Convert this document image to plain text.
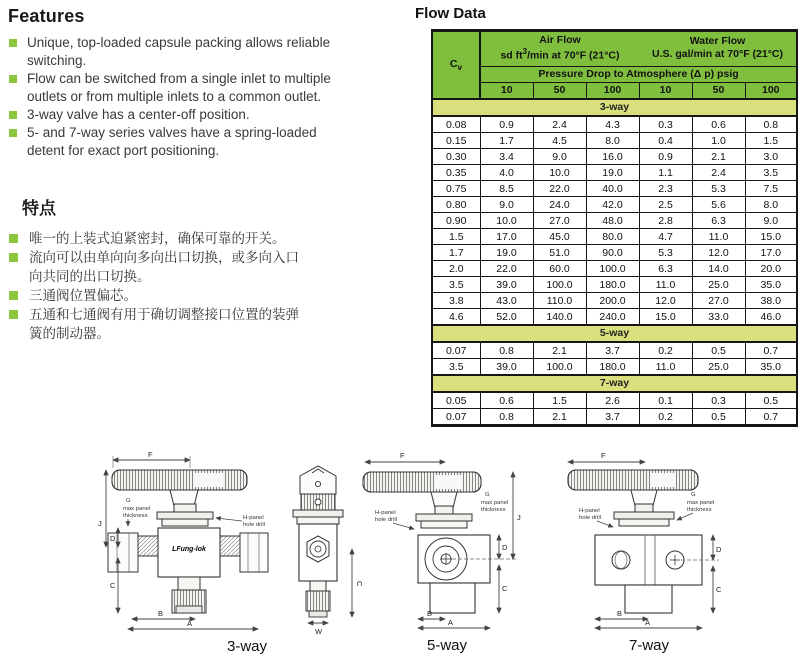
Features
Unique, top-loaded capsule packing allows reliable switching.
Flow can be switched from a single inlet to multiple outlets or from multiple inlets to a common outlet.
3-way valve has a center-off position.
5- and 7-way series valves have a spring-loaded detent for exact port positioning.
特点
唯一的上装式迫紧密封，确保可靠的开关。
流向可以由单向向多向出口切换，或多向入口向共同的出口切换。
三通阀位置偏芯。
五通和七通阀有用于确切调整接口位置的装弹簧的制动器。
Flow Data
$C_v$	
Air Flow
sd $ft^3/\min$ at 70°F (21°C)

Water Flow
U.S. gal/min at 70°F (21°C)

	Pressure Drop to Atmosphere (Δ p) psig					
	10	50	100	10	50	100
3-way						
0.08	0.9	2.4	4.3	0.3	0.6	0.8
0.15	1.7	4.5	8.0	0.4	1.0	1.5
0.30	3.4	9.0	16.0	0.9	2.1	3.0
0.35	4.0	10.0	19.0	1.1	2.4	3.5
0.75	8.5	22.0	40.0	2.3	5.3	7.5
0.80	9.0	24.0	42.0	2.5	5.6	8.0
0.90	10.0	27.0	48.0	2.8	6.3	9.0
1.5	17.0	45.0	80.0	4.7	11.0	15.0
1.7	19.0	51.0	90.0	5.3	12.0	17.0
2.0	22.0	60.0	100.0	6.3	14.0	20.0
3.5	39.0	100.0	180.0	11.0	25.0	35.0
3.8	43.0	110.0	200.0	12.0	27.0	38.0
4.6	52.0	140.0	240.0	15.0	33.0	46.0
5-way						
0.07	0.8	2.1	3.7	0.2	0.5	0.7
3.5	39.0	100.0	180.0	11.0	25.0	35.0
7-way						
0.05	0.6	1.5	2.6	0.1	0.3	0.5
0.07	0.8	2.1	3.7	0.2	0.5	0.7
F
LFung-lok
J
G
max panel
thickness
D
C
H-panel
hole drill
B
A
3-way
C
W
F
H-panel
hole drill
G
max panel
thickness
J
D
C
B
A
5-way
F
H-panel
hole drill
G
max panel
thickness
D
C
B
A
7-way
